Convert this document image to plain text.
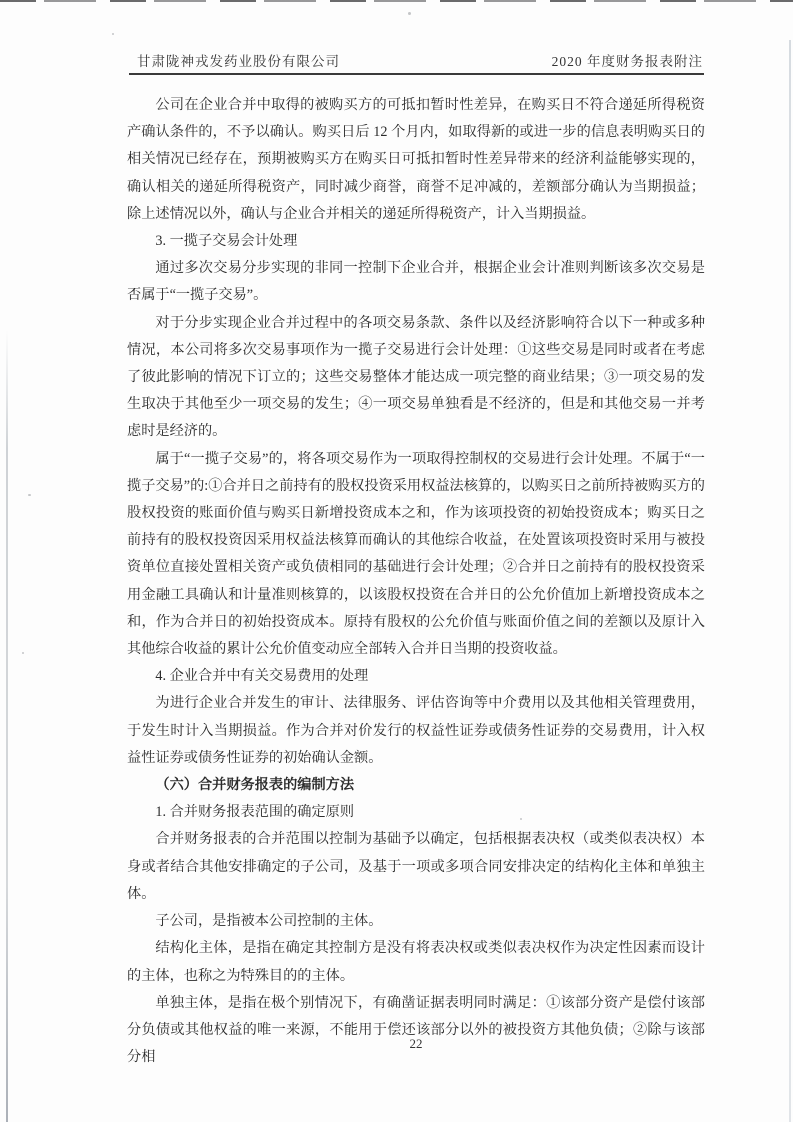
甘肃陇神戎发药业股份有限公司	2020 年度财务报表附注

公司在企业合并中取得的被购买方的可抵扣暂时性差异，在购买日不符合递延所得税资产确认条件的，不予以确认。购买日后 12 个月内，如取得新的或进一步的信息表明购买日的相关情况已经存在，预期被购买方在购买日可抵扣暂时性差异带来的经济利益能够实现的，确认相关的递延所得税资产，同时减少商誉，商誉不足冲减的，差额部分确认为当期损益；除上述情况以外，确认与企业合并相关的递延所得税资产，计入当期损益。

3. 一揽子交易会计处理

通过多次交易分步实现的非同一控制下企业合并，根据企业会计准则判断该多次交易是否属于“一揽子交易”。

对于分步实现企业合并过程中的各项交易条款、条件以及经济影响符合以下一种或多种情况，本公司将多次交易事项作为一揽子交易进行会计处理：①这些交易是同时或者在考虑了彼此影响的情况下订立的；这些交易整体才能达成一项完整的商业结果；③一项交易的发生取决于其他至少一项交易的发生；④一项交易单独看是不经济的，但是和其他交易一并考虑时是经济的。

属于“一揽子交易”的，将各项交易作为一项取得控制权的交易进行会计处理。不属于“一揽子交易”的:①合并日之前持有的股权投资采用权益法核算的，以购买日之前所持被购买方的股权投资的账面价值与购买日新增投资成本之和，作为该项投资的初始投资成本；购买日之前持有的股权投资因采用权益法核算而确认的其他综合收益，在处置该项投资时采用与被投资单位直接处置相关资产或负债相同的基础进行会计处理；②合并日之前持有的股权投资采用金融工具确认和计量准则核算的，以该股权投资在合并日的公允价值加上新增投资成本之和，作为合并日的初始投资成本。原持有股权的公允价值与账面价值之间的差额以及原计入其他综合收益的累计公允价值变动应全部转入合并日当期的投资收益。

4. 企业合并中有关交易费用的处理

为进行企业合并发生的审计、法律服务、评估咨询等中介费用以及其他相关管理费用，于发生时计入当期损益。作为合并对价发行的权益性证券或债务性证券的交易费用，计入权益性证券或债务性证券的初始确认金额。

（六）合并财务报表的编制方法

1. 合并财务报表范围的确定原则

合并财务报表的合并范围以控制为基础予以确定，包括根据表决权（或类似表决权）本身或者结合其他安排确定的子公司，及基于一项或多项合同安排决定的结构化主体和单独主体。

子公司，是指被本公司控制的主体。

结构化主体，是指在确定其控制方是没有将表决权或类似表决权作为决定性因素而设计的主体，也称之为特殊目的的主体。

单独主体，是指在极个别情况下，有确凿证据表明同时满足：①该部分资产是偿付该部分负债或其他权益的唯一来源，不能用于偿还该部分以外的被投资方其他负债；②除与该部分相

22
